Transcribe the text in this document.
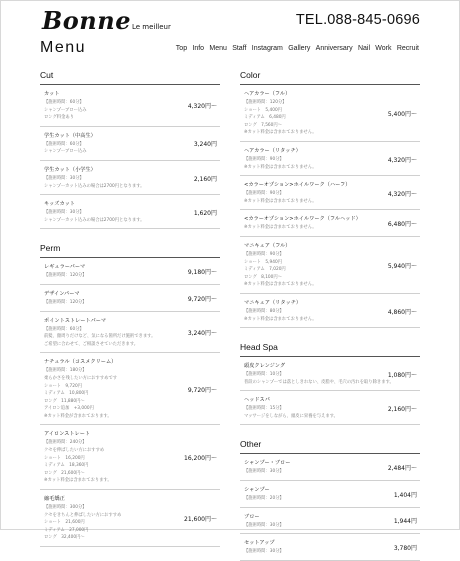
BonneLe meilleur	TEL.088-845-0696
Menu	Top Info Menu Staff Instagram Gallery Anniversary Nail Work Recruit
Cut
カット
【施術時間：60分】
シャンプーブロー込み
ロング料金あり
4,320円〜
学生カット（中高生）
【施術時間：60分】
シャンプーブロー込み
3,240円
学生カット（小学生）
【施術時間：30分】
シャンプーカット込みの場合は2700円となります。
2,160円
キッズカット
【施術時間：30分】
シャンプーカット込みの場合は2700円となります。
1,620円
Perm
レギュラーパーマ
【施術時間：120分】	9,180円〜
デザインパーマ
【施術時間：120分】	9,720円〜
ポイントストレートパーマ
【施術時間：60分】
前髪、顔周りだけなど、気になる箇所だけ施術できます。
ご希望に合わせて、ご相談させていただきます。
3,240円〜
ナチュラル（コスメクリーム）
【施術時間：180分】
柔らかさを残したい方におすすめです
ショート　9,720円
ミディアム　10,800円
ロング　11,880円〜
アイロン追加　+3,000円
※カット料金が含まれております。
9,720円〜
アイロンストレート
【施術時間：240分】
クセを伸ばしたい方におすすめ
ショート　16,200円
ミディアム　18,360円
ロング　21,600円〜
※カット料金は含まれております。
16,200円〜
縮毛矯正
【施術時間：300分】
クセをきちんと伸ばしたい方におすすめ
ショート　21,600円
ミディアム　27,000円
ロング　32,400円〜
21,600円〜
Color
ヘアカラー（フル）
【施術時間：120分】
ショート　5,400円
ミディアム　6,480円
ロング　7,560円〜
※カット料金は含まれておりません。
5,400円〜
ヘアカラー（リタッチ）
【施術時間：90分】
※カット料金は含まれておりません。
4,320円〜
<カラーオプション>ホイルワーク（ハーフ）
【施術時間：90分】
※カット料金は含まれておりません。
4,320円〜
<カラーオプション>ホイルワーク（フルヘッド）
※カット料金は含まれておりません。	6,480円〜
マニキュア（フル）
【施術時間：90分】
ショート　5,940円
ミディアム　7,020円
ロング　8,100円〜
※カット料金は含まれておりません。
5,940円〜
マニキュア（リタッチ）
【施術時間：80分】
※カット料金は含まれておりません。
4,860円〜
Head Spa
頭皮クレンジング
【施術時間：10分】
普段のシャンプーでは落としきれない、皮脂や、毛穴の汚れを取り除きます。
1,080円〜
ヘッドスパ
【施術時間：15分】
マッサージをしながら、頭皮に栄養を与えます。
2,160円〜
Other
シャンプー・ブロー
【施術時間：30分】	2,484円〜
シャンプー
【施術時間：20分】	1,404円
ブロー
【施術時間：30分】	1,944円
セットアップ
【施術時間：30分】	3,780円
